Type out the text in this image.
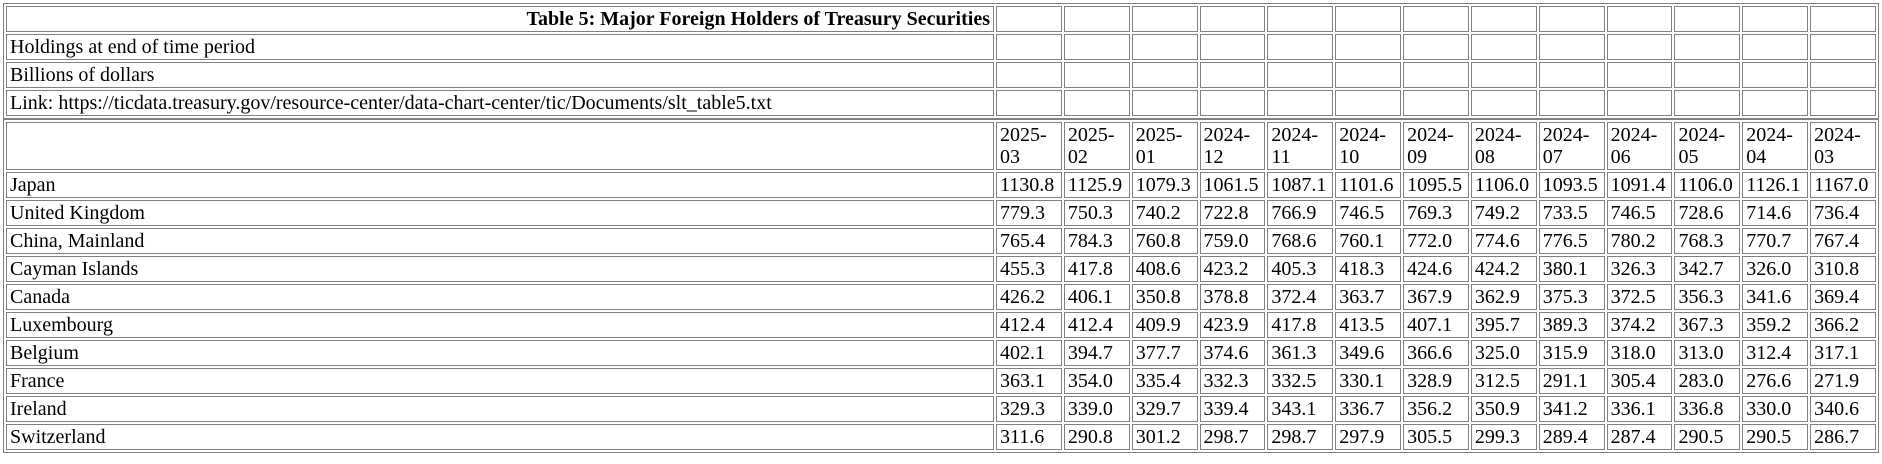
Table 5: Major Foreign Holders of Treasury Securities													
Holdings at end of time period													
Billions of dollars													
Link: https://ticdata.treasury.gov/resource-center/data-chart-center/tic/Documents/slt_table5.txt													
	2025-03	2025-02	2025-01	2024-12	2024-11	2024-10	2024-09	2024-08	2024-07	2024-06	2024-05	2024-04	2024-03
Japan	1130.8	1125.9	1079.3	1061.5	1087.1	1101.6	1095.5	1106.0	1093.5	1091.4	1106.0	1126.1	1167.0
United Kingdom	779.3	750.3	740.2	722.8	766.9	746.5	769.3	749.2	733.5	746.5	728.6	714.6	736.4
China, Mainland	765.4	784.3	760.8	759.0	768.6	760.1	772.0	774.6	776.5	780.2	768.3	770.7	767.4
Cayman Islands	455.3	417.8	408.6	423.2	405.3	418.3	424.6	424.2	380.1	326.3	342.7	326.0	310.8
Canada	426.2	406.1	350.8	378.8	372.4	363.7	367.9	362.9	375.3	372.5	356.3	341.6	369.4
Luxembourg	412.4	412.4	409.9	423.9	417.8	413.5	407.1	395.7	389.3	374.2	367.3	359.2	366.2
Belgium	402.1	394.7	377.7	374.6	361.3	349.6	366.6	325.0	315.9	318.0	313.0	312.4	317.1
France	363.1	354.0	335.4	332.3	332.5	330.1	328.9	312.5	291.1	305.4	283.0	276.6	271.9
Ireland	329.3	339.0	329.7	339.4	343.1	336.7	356.2	350.9	341.2	336.1	336.8	330.0	340.6
Switzerland	311.6	290.8	301.2	298.7	298.7	297.9	305.5	299.3	289.4	287.4	290.5	290.5	286.7
